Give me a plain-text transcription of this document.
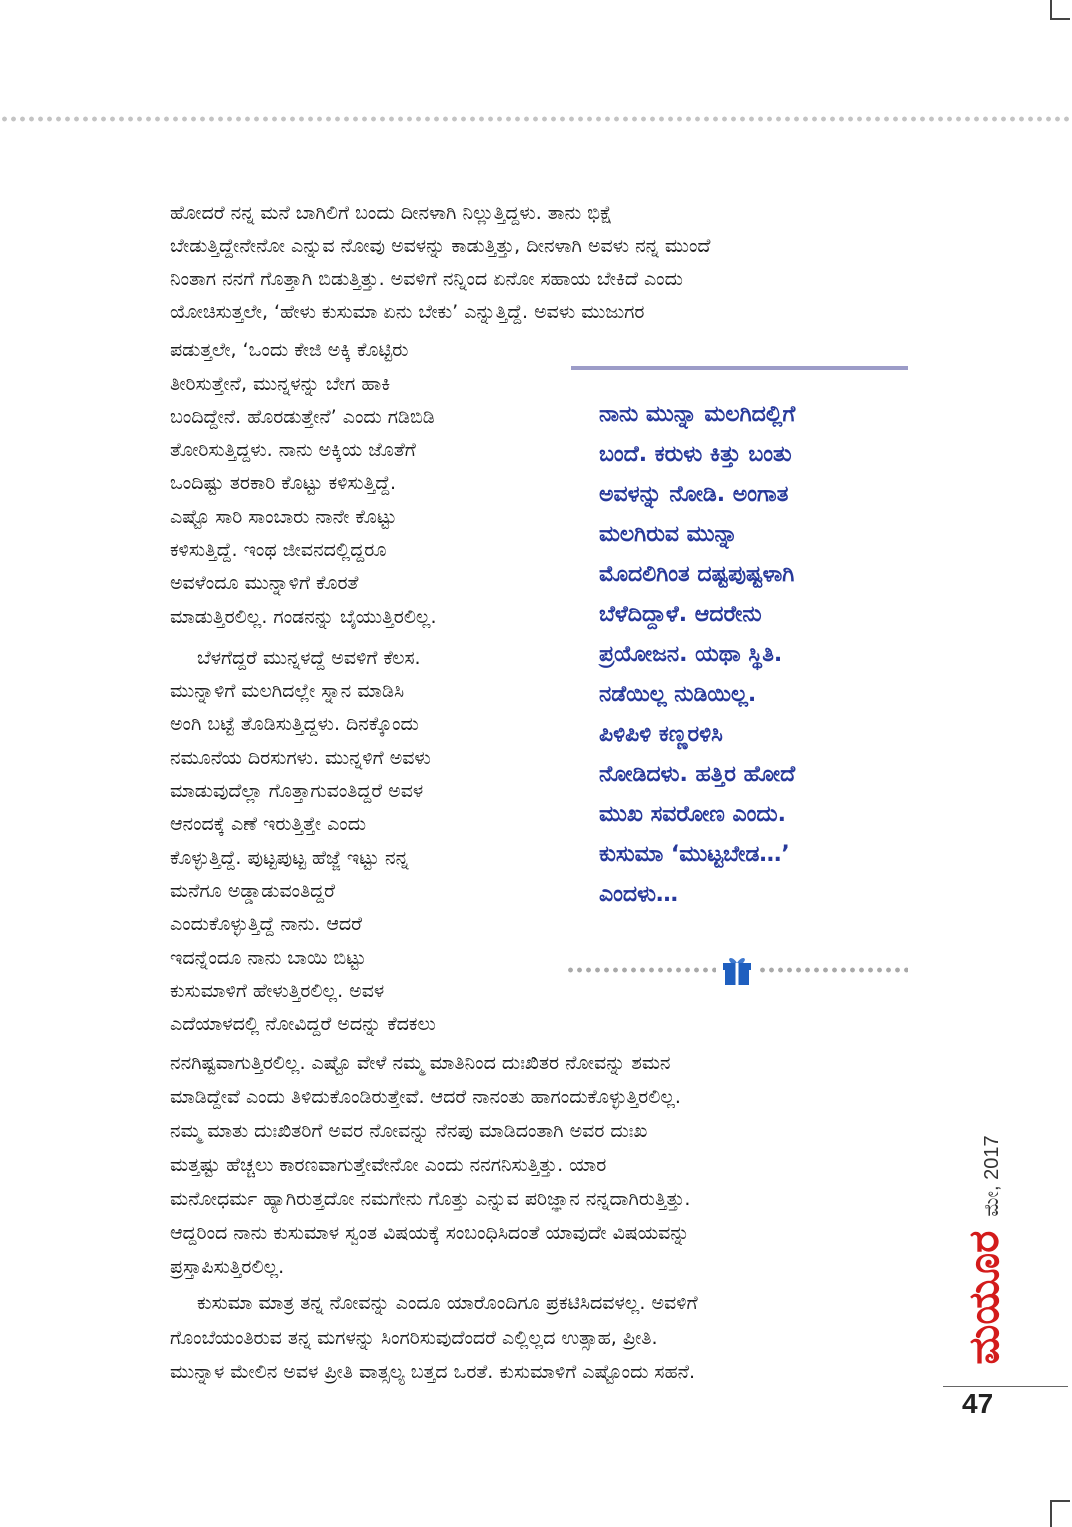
ಹೋದರೆ ನನ್ನ ಮನೆ ಬಾಗಿಲಿಗೆ ಬಂದು ದೀನಳಾಗಿ ನಿಲ್ಲುತ್ತಿದ್ದಳು. ತಾನು ಭಿಕ್ಷೆ
ಬೇಡುತ್ತಿದ್ದೇನೇನೋ ಎನ್ನುವ ನೋವು ಅವಳನ್ನು ಕಾಡುತ್ತಿತ್ತು, ದೀನಳಾಗಿ ಅವಳು ನನ್ನ ಮುಂದೆ
ನಿಂತಾಗ ನನಗೆ ಗೊತ್ತಾಗಿ ಬಿಡುತ್ತಿತ್ತು. ಅವಳಿಗೆ ನನ್ನಿಂದ ಏನೋ ಸಹಾಯ ಬೇಕಿದೆ ಎಂದು
ಯೋಚಿಸುತ್ತಲೇ, ‘ಹೇಳು ಕುಸುಮಾ ಏನು ಬೇಕು’ ಎನ್ನುತ್ತಿದ್ದೆ. ಅವಳು ಮುಜುಗರ
ಪಡುತ್ತಲೇ, ‘ಒಂದು ಕೇಜಿ ಅಕ್ಕಿ ಕೊಟ್ಟಿರು
ತೀರಿಸುತ್ತೇನೆ, ಮುನ್ನಳನ್ನು ಬೇಗ ಹಾಕಿ
ಬಂದಿದ್ದೇನೆ. ಹೊರಡುತ್ತೇನೆ’ ಎಂದು ಗಡಿಬಿಡಿ
ತೋರಿಸುತ್ತಿದ್ದಳು. ನಾನು ಅಕ್ಕಿಯ ಜೊತೆಗೆ
ಒಂದಿಷ್ಟು ತರಕಾರಿ ಕೊಟ್ಟು ಕಳಿಸುತ್ತಿದ್ದೆ.
ಎಷ್ಟೊ ಸಾರಿ ಸಾಂಬಾರು ನಾನೇ ಕೊಟ್ಟು
ಕಳಿಸುತ್ತಿದ್ದೆ. ಇಂಥ ಜೀವನದಲ್ಲಿದ್ದರೂ
ಅವಳೆಂದೂ ಮುನ್ನಾಳಿಗೆ ಕೊರತೆ
ಮಾಡುತ್ತಿರಲಿಲ್ಲ. ಗಂಡನನ್ನು ಬೈಯುತ್ತಿರಲಿಲ್ಲ.
ಬೆಳಗೆದ್ದರೆ ಮುನ್ನಳದ್ದೆ ಅವಳಿಗೆ ಕೆಲಸ.
ಮುನ್ನಾಳಿಗೆ ಮಲಗಿದಲ್ಲೇ ಸ್ನಾನ ಮಾಡಿಸಿ
ಅಂಗಿ ಬಟ್ಟೆ ತೊಡಿಸುತ್ತಿದ್ದಳು. ದಿನಕ್ಕೊಂದು
ನಮೂನೆಯ ದಿರಸುಗಳು. ಮುನ್ನಳಿಗೆ ಅವಳು
ಮಾಡುವುದೆಲ್ಲಾ ಗೊತ್ತಾಗುವಂತಿದ್ದರೆ ಅವಳ
ಆನಂದಕ್ಕೆ ಎಣೆ ಇರುತ್ತಿತ್ತೇ ಎಂದು
ಕೊಳ್ಳುತ್ತಿದ್ದೆ. ಪುಟ್ಟಪುಟ್ಟ ಹೆಜ್ಜೆ ಇಟ್ಟು ನನ್ನ
ಮನೆಗೂ ಅಡ್ಡಾಡುವಂತಿದ್ದರೆ
ಎಂದುಕೊಳ್ಳುತ್ತಿದ್ದೆ ನಾನು. ಆದರೆ
ಇದನ್ನೆಂದೂ ನಾನು ಬಾಯಿ ಬಿಟ್ಟು
ಕುಸುಮಾಳಿಗೆ ಹೇಳುತ್ತಿರಲಿಲ್ಲ. ಅವಳ
ಎದೆಯಾಳದಲ್ಲಿ ನೋವಿದ್ದರೆ ಅದನ್ನು ಕೆದಕಲು
ನನಗಿಷ್ಟವಾಗುತ್ತಿರಲಿಲ್ಲ. ಎಷ್ಟೊ ವೇಳೆ ನಮ್ಮ ಮಾತಿನಿಂದ ದುಃಖಿತರ ನೋವನ್ನು ಶಮನ
ಮಾಡಿದ್ದೇವೆ ಎಂದು ತಿಳಿದುಕೊಂಡಿರುತ್ತೇವೆ. ಆದರೆ ನಾನಂತು ಹಾಗಂದುಕೊಳ್ಳುತ್ತಿರಲಿಲ್ಲ.
ನಮ್ಮ ಮಾತು ದುಃಖಿತರಿಗೆ ಅವರ ನೋವನ್ನು ನೆನಪು ಮಾಡಿದಂತಾಗಿ ಅವರ ದುಃಖ
ಮತ್ತಷ್ಟು ಹೆಚ್ಚಲು ಕಾರಣವಾಗುತ್ತೇವೇನೋ ಎಂದು ನನಗನಿಸುತ್ತಿತ್ತು. ಯಾರ
ಮನೋಧರ್ಮ ಹ್ಯಾಗಿರುತ್ತದೋ ನಮಗೇನು ಗೊತ್ತು ಎನ್ನುವ ಪರಿಜ್ಞಾನ ನನ್ನದಾಗಿರುತ್ತಿತ್ತು.
ಆದ್ದರಿಂದ ನಾನು ಕುಸುಮಾಳ ಸ್ವಂತ ವಿಷಯಕ್ಕೆ ಸಂಬಂಧಿಸಿದಂತೆ ಯಾವುದೇ ವಿಷಯವನ್ನು
ಪ್ರಸ್ತಾಪಿಸುತ್ತಿರಲಿಲ್ಲ.
ಕುಸುಮಾ ಮಾತ್ರ ತನ್ನ ನೋವನ್ನು ಎಂದೂ ಯಾರೊಂದಿಗೂ ಪ್ರಕಟಿಸಿದವಳಲ್ಲ. ಅವಳಿಗೆ
ಗೊಂಬೆಯಂತಿರುವ ತನ್ನ ಮಗಳನ್ನು ಸಿಂಗರಿಸುವುದೆಂದರೆ ಎಲ್ಲಿಲ್ಲದ ಉತ್ಸಾಹ, ಪ್ರೀತಿ.
ಮುನ್ನಾಳ ಮೇಲಿನ ಅವಳ ಪ್ರೀತಿ ವಾತ್ಸಲ್ಯ ಬತ್ತದ ಒರತೆ. ಕುಸುಮಾಳಿಗೆ ಎಷ್ಟೊಂದು ಸಹನೆ.
ನಾನು ಮುನ್ನಾ ಮಲಗಿದಲ್ಲಿಗೆ
ಬಂದೆ. ಕರುಳು ಕಿತ್ತು ಬಂತು
ಅವಳನ್ನು ನೋಡಿ. ಅಂಗಾತ
ಮಲಗಿರುವ ಮುನ್ನಾ
ಮೊದಲಿಗಿಂತ ದಷ್ಟಪುಷ್ಟಳಾಗಿ
ಬೆಳೆದಿದ್ದಾಳೆ. ಆದರೇನು
ಪ್ರಯೋಜನ. ಯಥಾ ಸ್ಥಿತಿ.
ನಡೆಯಿಲ್ಲ ನುಡಿಯಿಲ್ಲ.
ಪಿಳಿಪಿಳಿ ಕಣ್ಣರಳಿಸಿ
ನೋಡಿದಳು. ಹತ್ತಿರ ಹೋದೆ
ಮುಖ ಸವರೋಣ ಎಂದು.
ಕುಸುಮಾ ‘ಮುಟ್ಟಬೇಡ…’
ಎಂದಳು…
ಮಯೂರಮೇ, 2017
47
